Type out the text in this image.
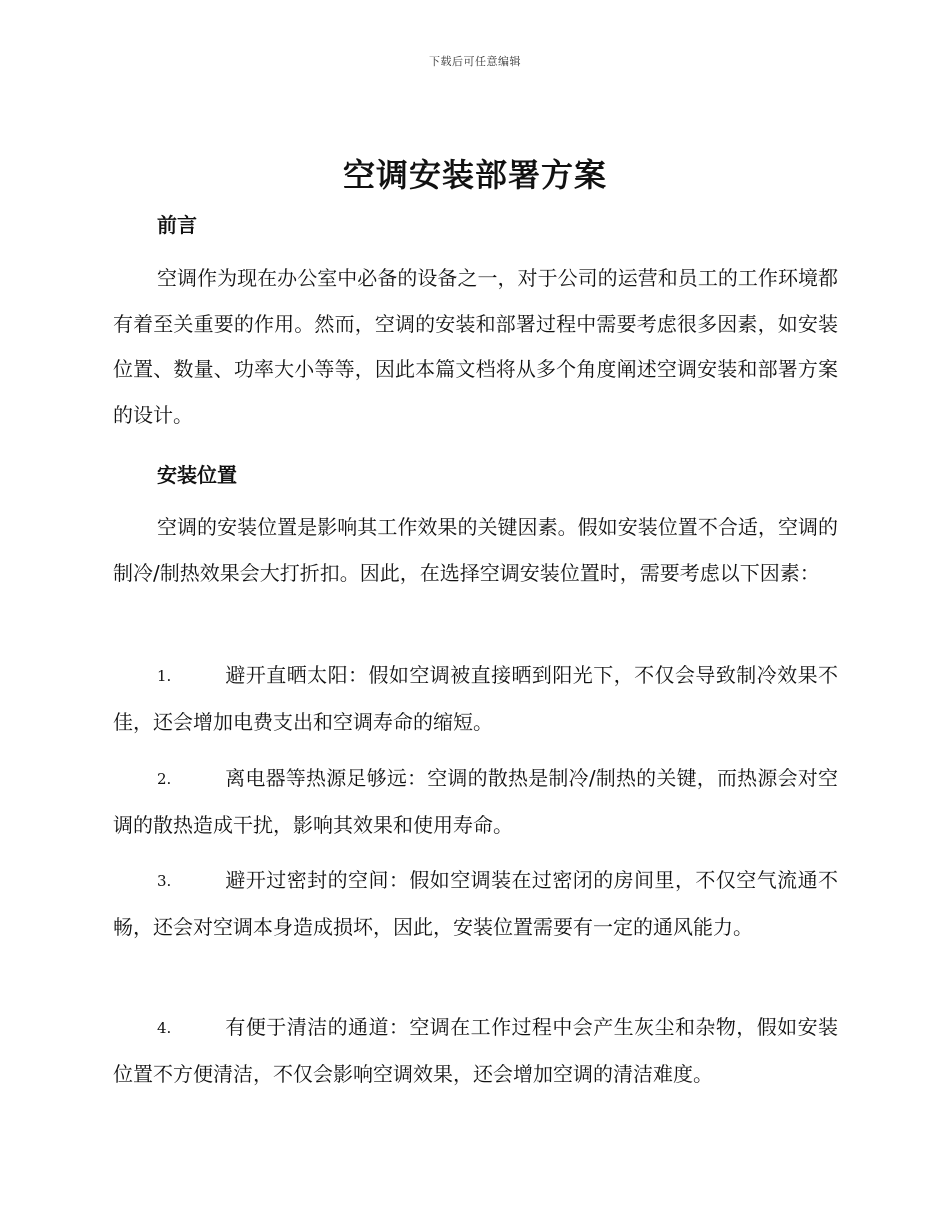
下载后可任意编辑
空调安装部署方案
前言

空调作为现在办公室中必备的设备之一，对于公司的运营和员工的工作环境都有着至关重要的作用。然而，空调的安装和部署过程中需要考虑很多因素，如安装位置、数量、功率大小等等，因此本篇文档将从多个角度阐述空调安装和部署方案的设计。

安装位置

空调的安装位置是影响其工作效果的关键因素。假如安装位置不合适，空调的制冷/制热效果会大打折扣。因此，在选择空调安装位置时，需要考虑以下因素：

1.	避开直晒太阳：假如空调被直接晒到阳光下，不仅会导致制冷效果不佳，还会增加电费支出和空调寿命的缩短。
2.	离电器等热源足够远：空调的散热是制冷/制热的关键，而热源会对空调的散热造成干扰，影响其效果和使用寿命。
3.	避开过密封的空间：假如空调装在过密闭的房间里，不仅空气流通不畅，还会对空调本身造成损坏，因此，安装位置需要有一定的通风能力。
4.	有便于清洁的通道：空调在工作过程中会产生灰尘和杂物，假如安装位置不方便清洁，不仅会影响空调效果，还会增加空调的清洁难度。
